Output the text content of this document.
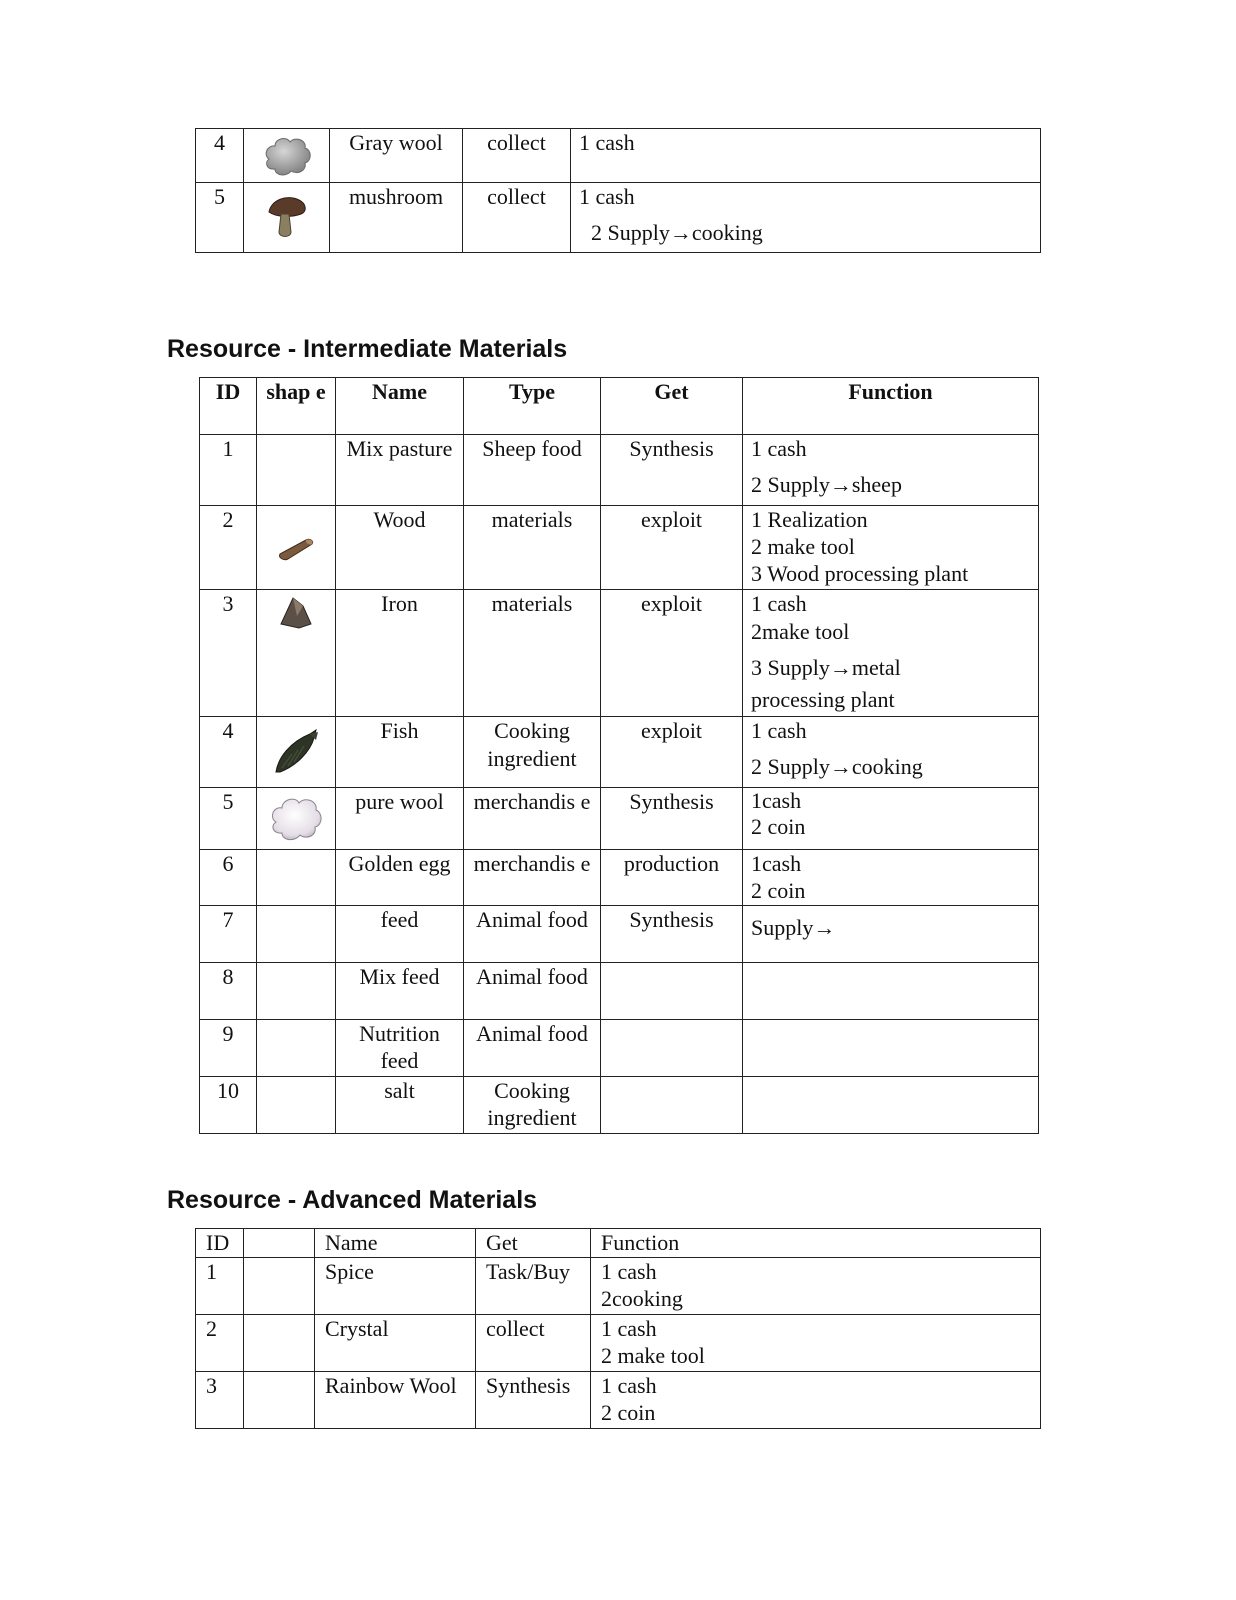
4		Gray wool	collect	1 cash

5		mushroom	collect	1 cash
2 Supply→cooking
Resource - Intermediate Materials
ID	shap e	Name	Type	Get	Function
1		Mix pasture	Sheep food	Synthesis	1 cash
2 Supply→sheep

2		Wood	materials	exploit	1 Realization
2 make tool
3 Wood processing plant

3		Iron	materials	exploit	1 cash
2make tool
3 Supply→metal
processing plant

4		Fish	Cooking ingredient	exploit	1 cash
2 Supply→cooking

5		pure wool	merchandis e	Synthesis	1cash
2 coin

6		Golden egg	merchandis e	production	1cash
2 coin

7		feed	Animal food	Synthesis	Supply→

8		Mix feed	Animal food		
9		Nutrition feed	Animal food		
10		salt	Cooking ingredient		
Resource - Advanced Materials
ID		Name	Get	Function
1		Spice	Task/Buy	1 cash
2cooking

2		Crystal	collect	1 cash
2 make tool

3		Rainbow Wool	Synthesis	1 cash
2 coin
